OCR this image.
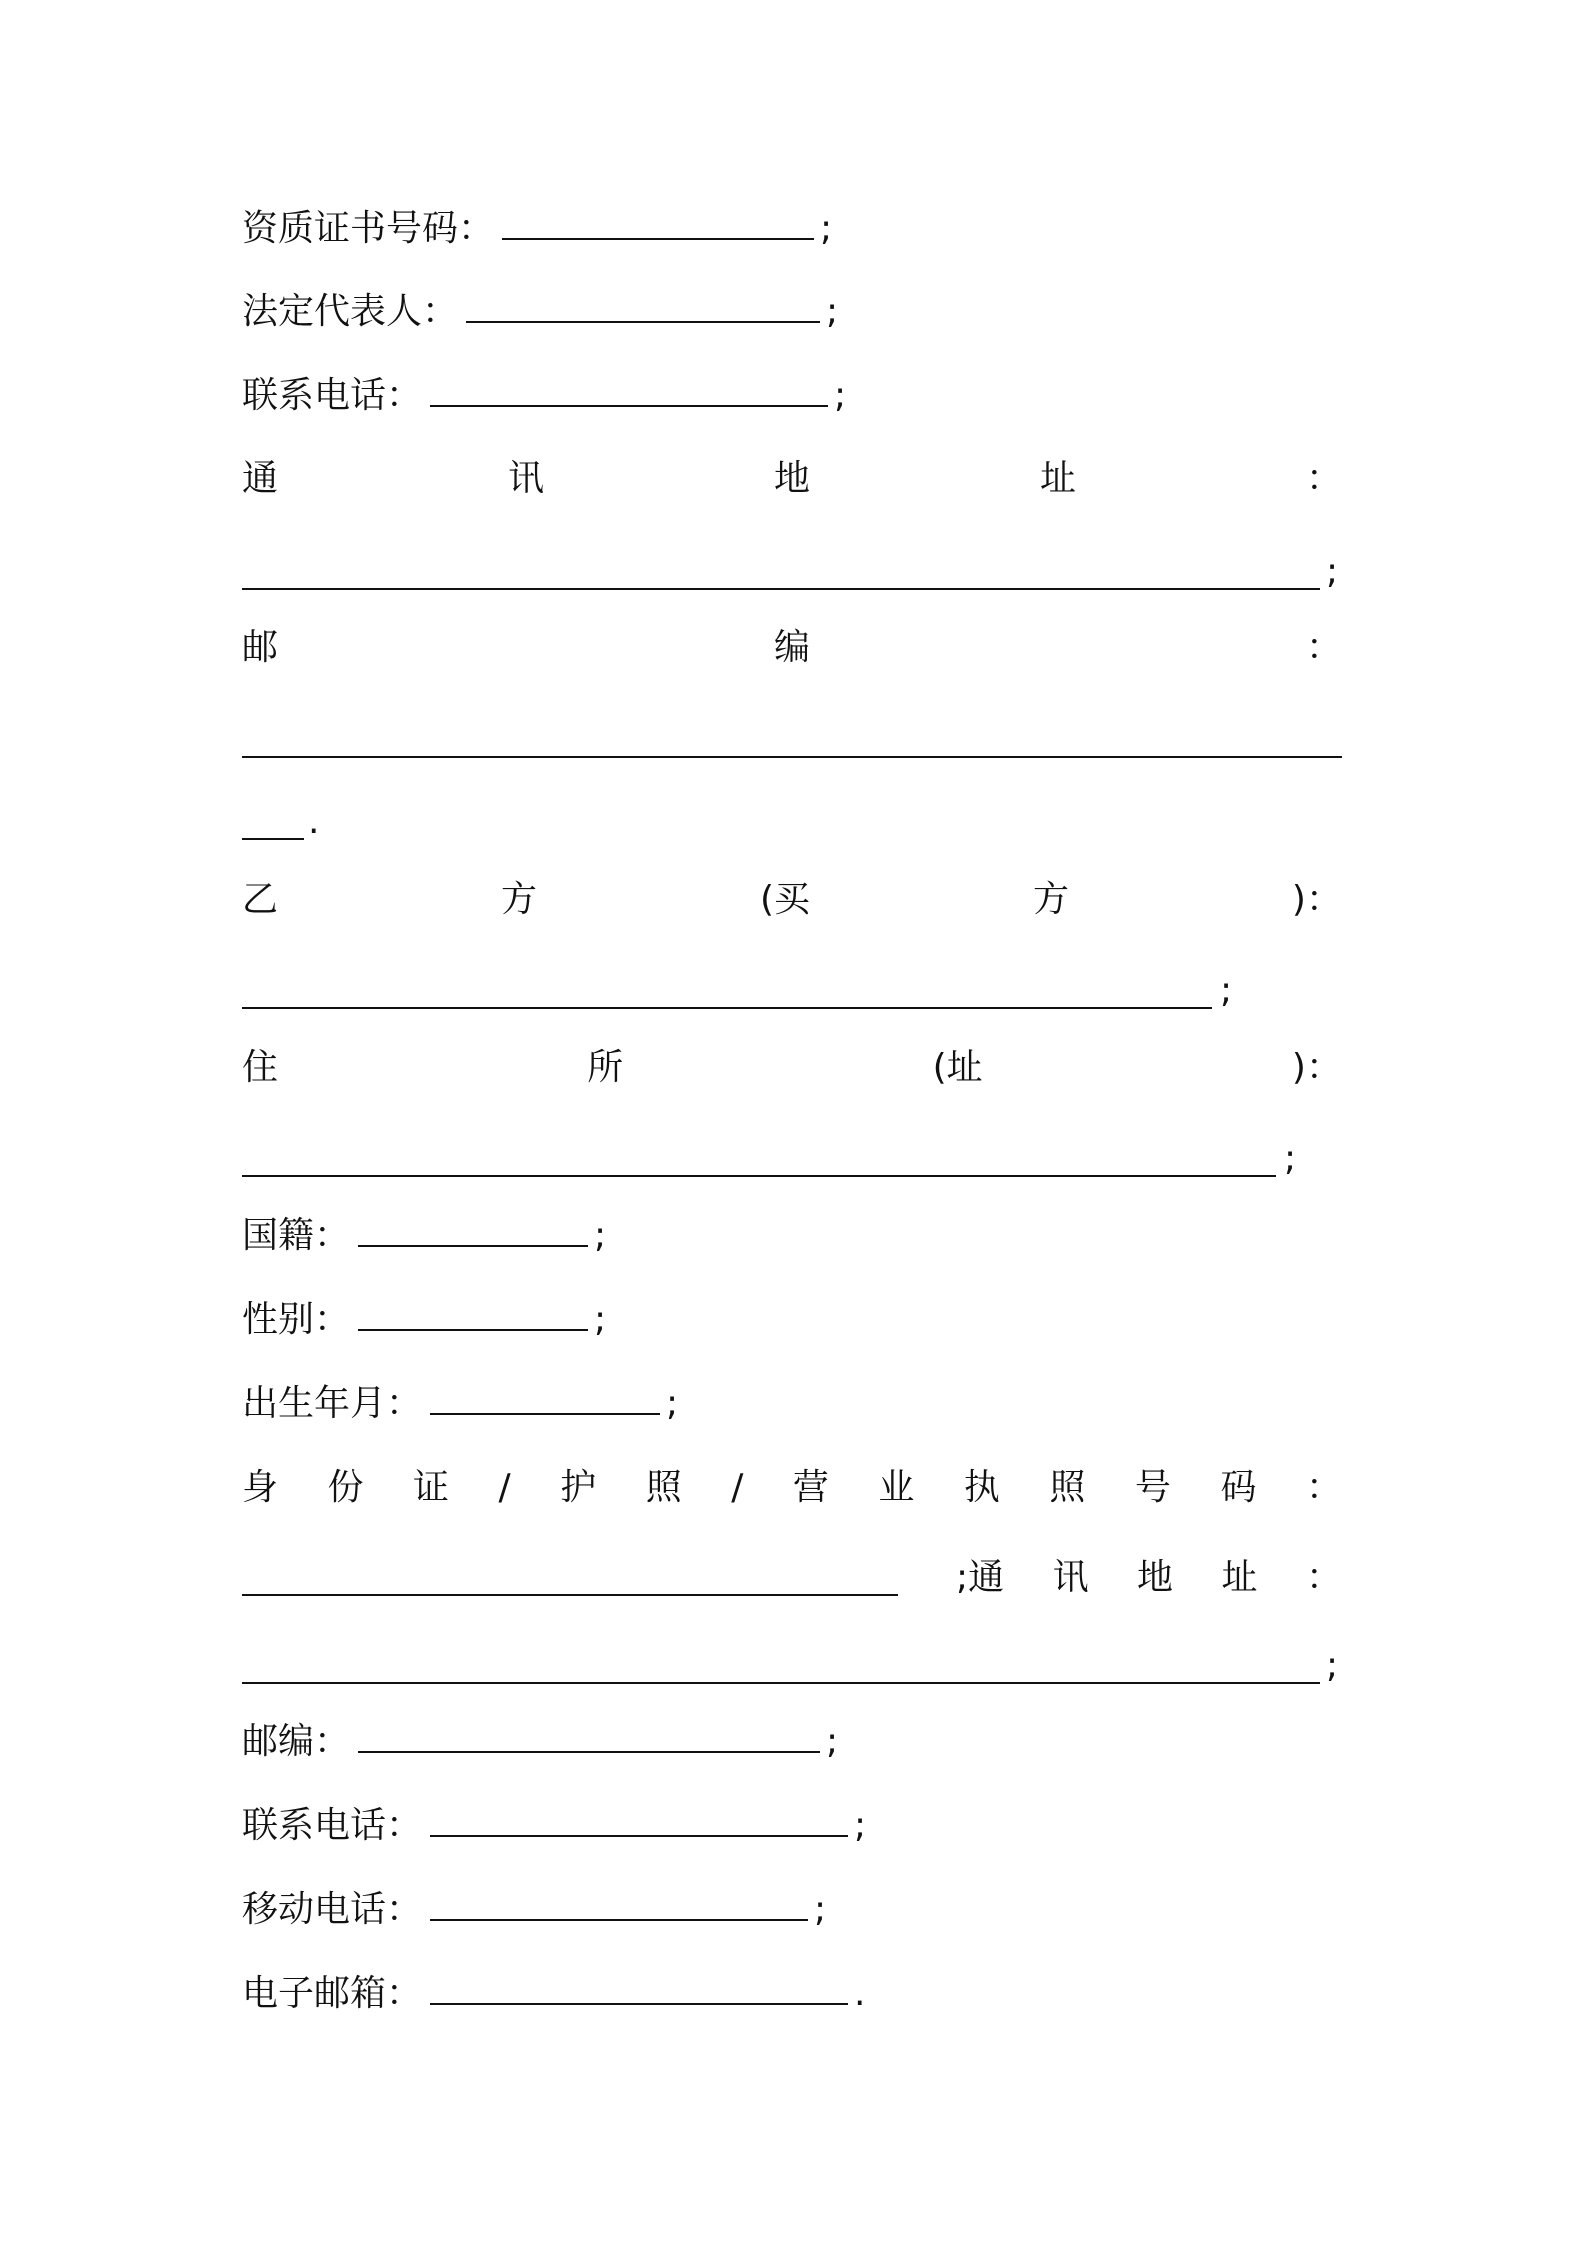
资质证书号码：	;
法定代表人：	;
联系电话：	;
通	讯	地	址	：
;
邮	编	：
.
乙	方	(买	方	)：
;
住	所	(址	)：
;
国籍：	;
性别：	;
出生年月：	;
身 份 证 / 护 照 / 营 业 执 照 号 码 ：
;通 讯 地 址 ：
;
邮编：	;
联系电话：	;
移动电话：	;
电子邮箱：	.
